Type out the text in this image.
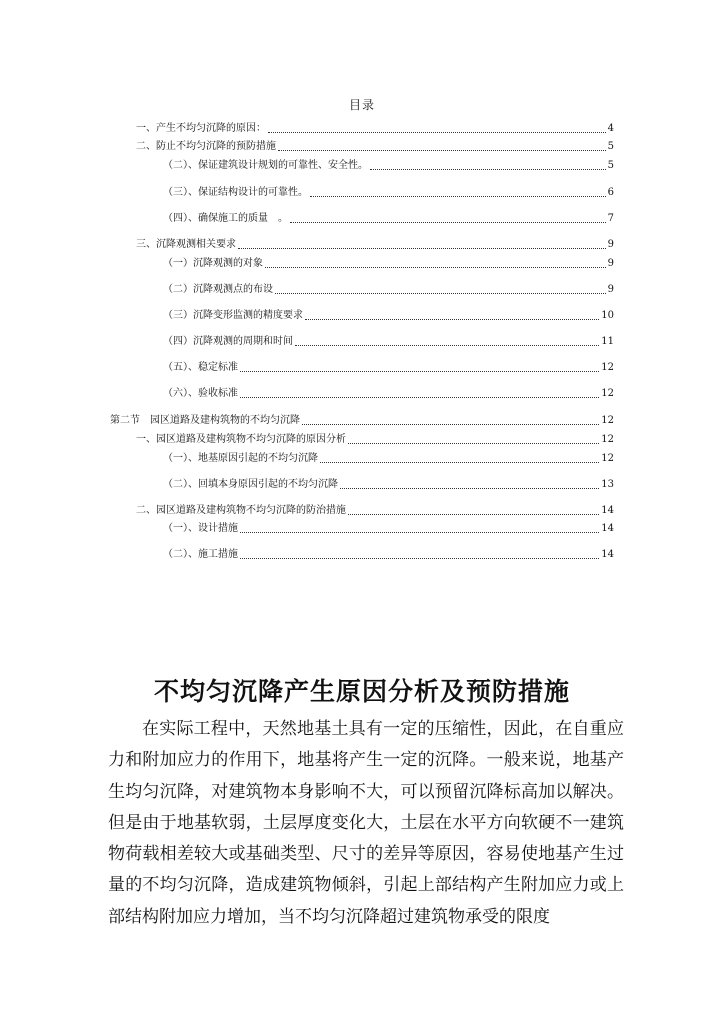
目录
一、产生不均匀沉降的原因：	4
二、防止不均匀沉降的预防措施	5
（二）、保证建筑设计规划的可靠性、安全性。	5
（三）、保证结构设计的可靠性。	6
（四）、确保施工的质量　。	7
三、沉降观测相关要求	9
（一）沉降观测的对象	9
（二）沉降观测点的布设	9
（三）沉降变形监测的精度要求	10
（四）沉降观测的周期和时间	11
（五）、稳定标准	12
（六）、验收标准	12
第二节　园区道路及建构筑物的不均匀沉降	12
一、园区道路及建构筑物不均匀沉降的原因分析	12
（一）、地基原因引起的不均匀沉降	12
（二）、回填本身原因引起的不均匀沉降	13
二、园区道路及建构筑物不均匀沉降的防治措施	14
（一）、设计措施	14
（二）、施工措施	14
不均匀沉降产生原因分析及预防措施

在实际工程中，天然地基土具有一定的压缩性，因此，在自重应力和附加应力的作用下，地基将产生一定的沉降。一般来说，地基产生均匀沉降，对建筑物本身影响不大，可以预留沉降标高加以解决。但是由于地基软弱，土层厚度变化大，土层在水平方向软硬不一建筑物荷载相差较大或基础类型、尺寸的差异等原因，容易使地基产生过量的不均匀沉降，造成建筑物倾斜，引起上部结构产生附加应力或上部结构附加应力增加，当不均匀沉降超过建筑物承受的限度
